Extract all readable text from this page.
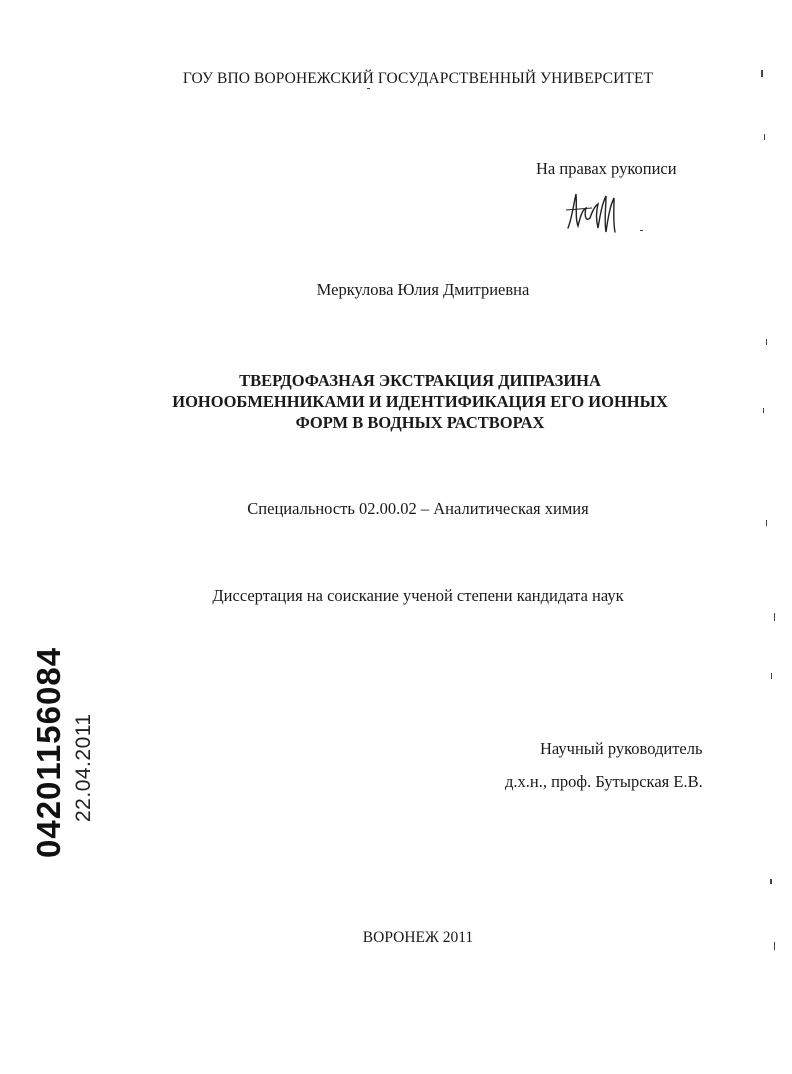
ГОУ ВПО ВОРОНЕЖСКИЙ ГОСУДАРСТВЕННЫЙ УНИВЕРСИТЕТ
На правах рукописи
Меркулова Юлия Дмитриевна
ТВЕРДОФАЗНАЯ ЭКСТРАКЦИЯ ДИПРАЗИНА
ИОНООБМЕННИКАМИ И ИДЕНТИФИКАЦИЯ ЕГО ИОННЫХ
ФОРМ В ВОДНЫХ РАСТВОРАХ
Специальность 02.00.02 – Аналитическая химия
Диссертация на соискание ученой степени кандидата наук
Научный руководитель
д.х.н., проф. Бутырская Е.В.
ВОРОНЕЖ 2011
04201156084 22.04.2011
